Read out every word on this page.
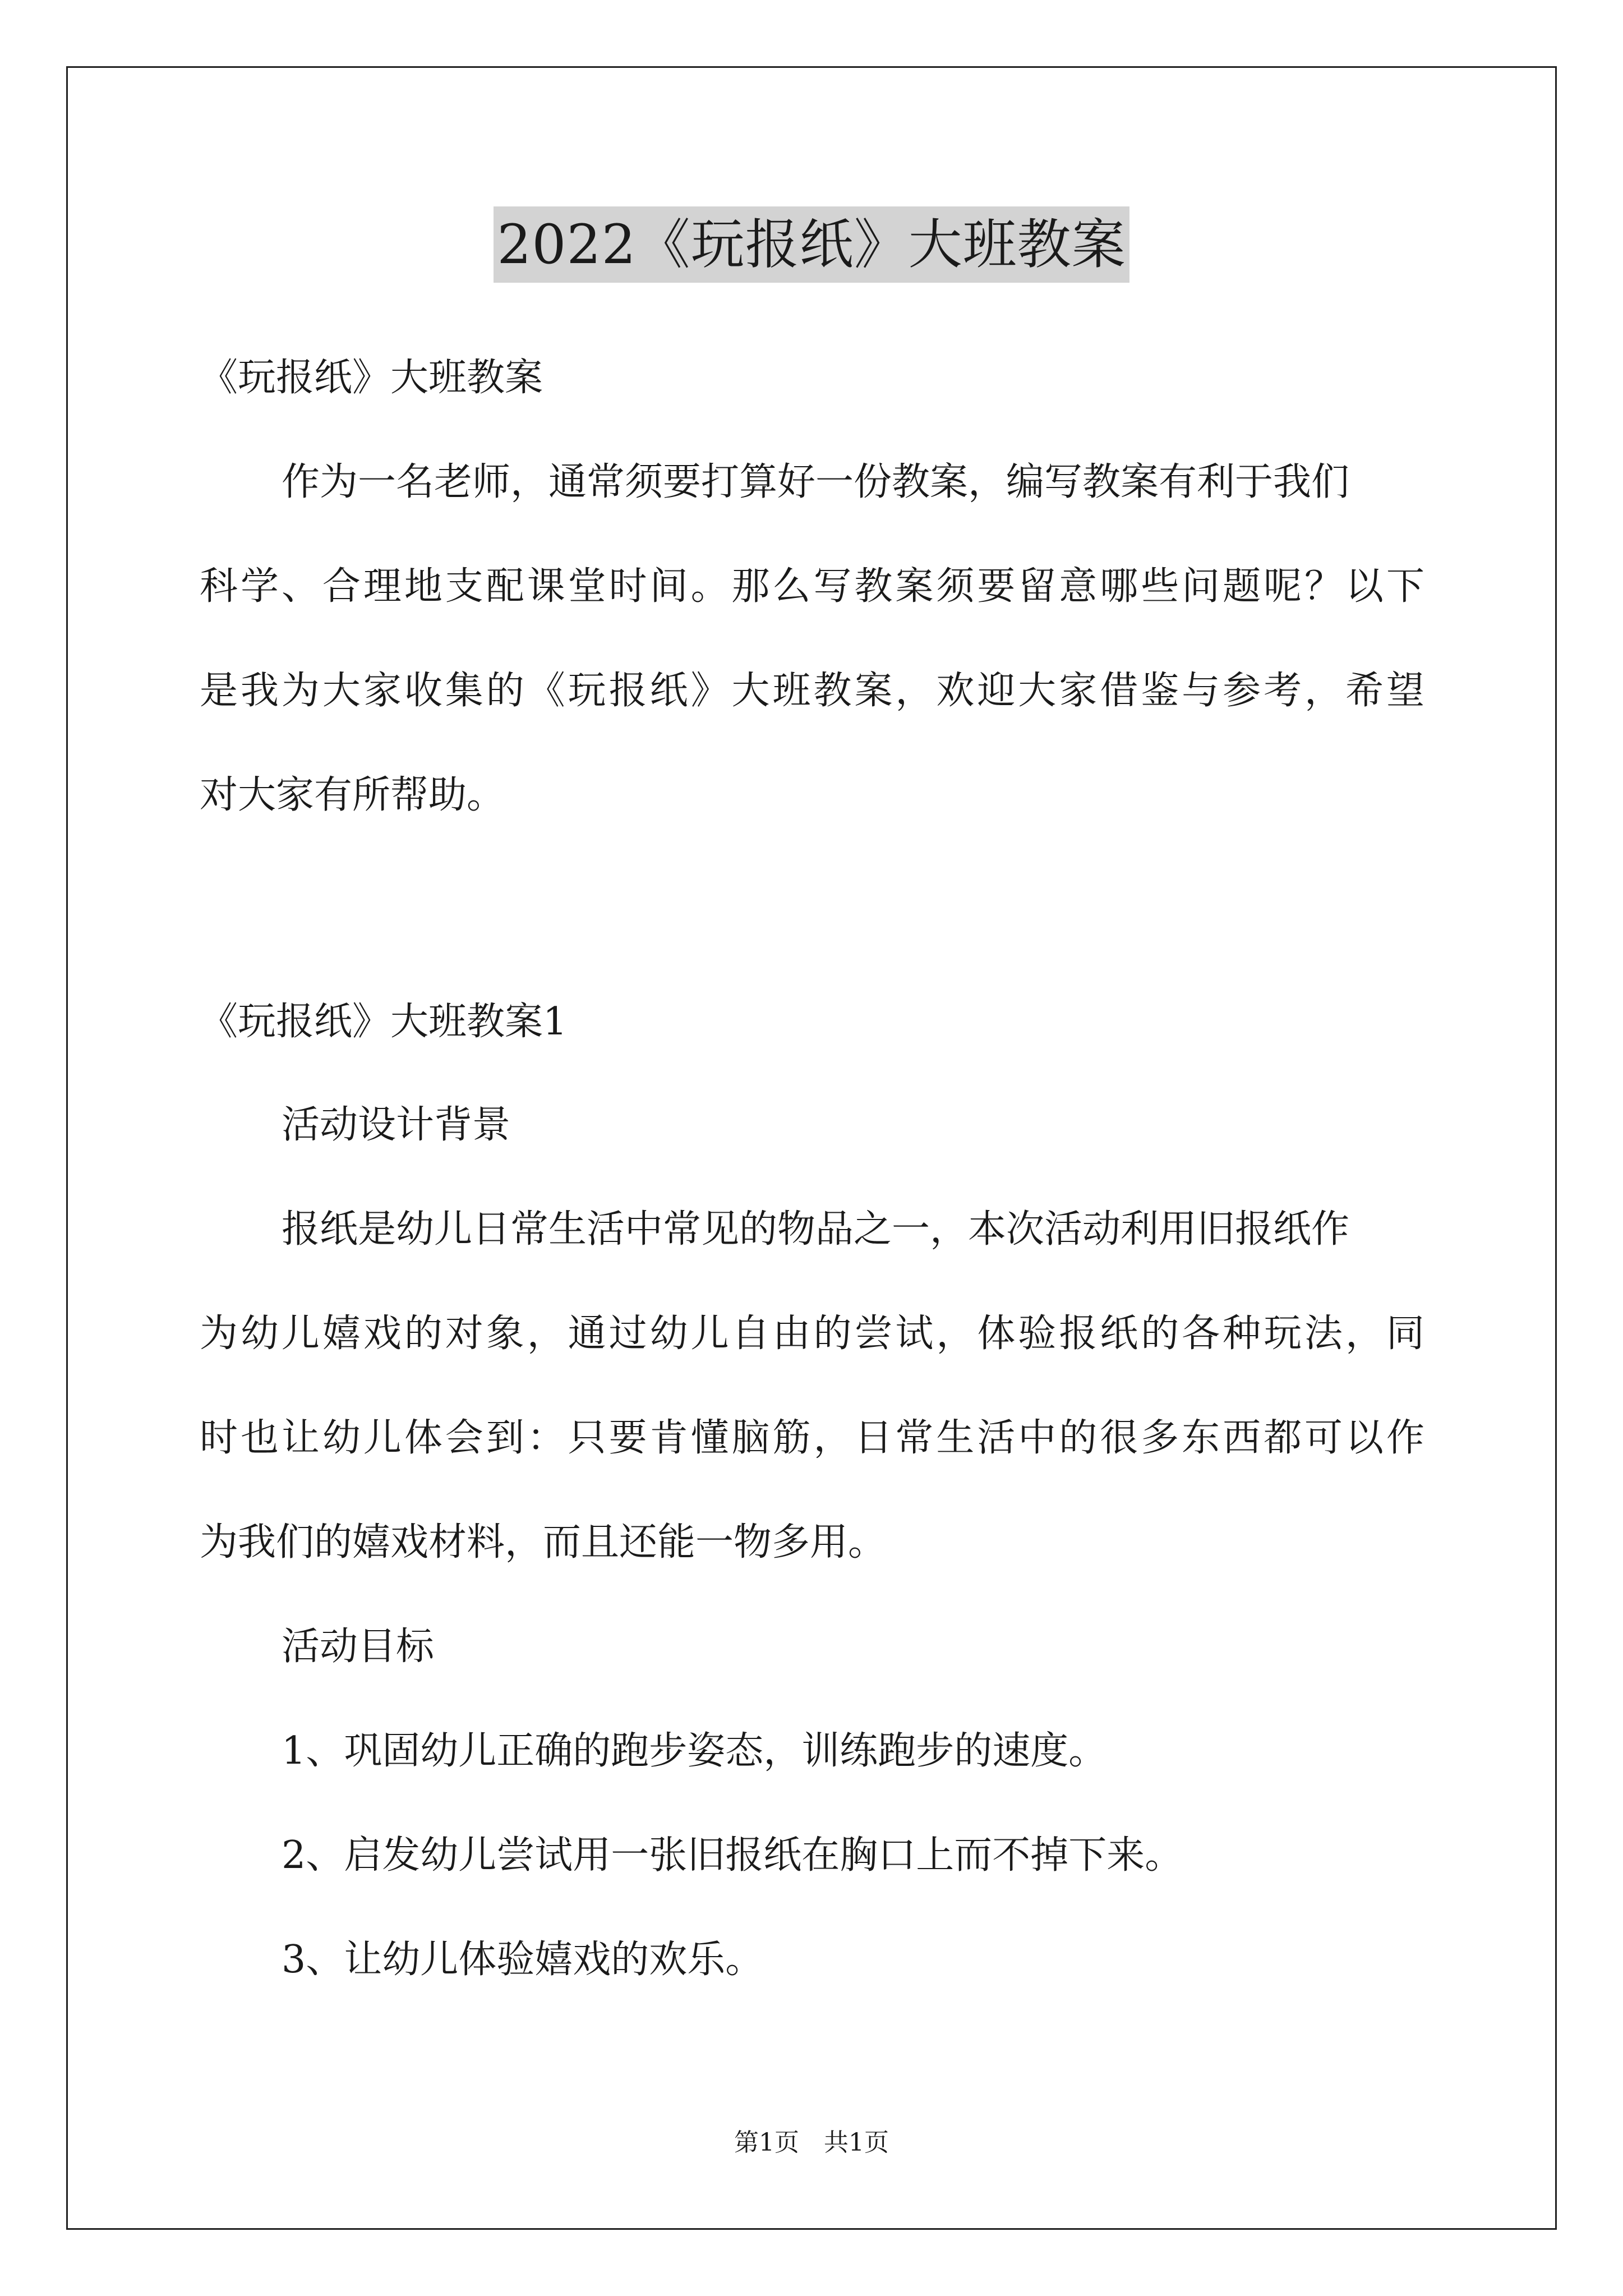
2022《玩报纸》大班教案
《玩报纸》大班教案
作为一名老师，通常须要打算好一份教案，编写教案有利于我们
科学、合理地支配课堂时间。那么写教案须要留意哪些问题呢？以下
是我为大家收集的《玩报纸》大班教案，欢迎大家借鉴与参考，希望
对大家有所帮助。
《玩报纸》大班教案1
活动设计背景
报纸是幼儿日常生活中常见的物品之一，本次活动利用旧报纸作
为幼儿嬉戏的对象，通过幼儿自由的尝试，体验报纸的各种玩法，同
时也让幼儿体会到：只要肯懂脑筋，日常生活中的很多东西都可以作
为我们的嬉戏材料，而且还能一物多用。
活动目标
1、巩固幼儿正确的跑步姿态，训练跑步的速度。
2、启发幼儿尝试用一张旧报纸在胸口上而不掉下来。
3、让幼儿体验嬉戏的欢乐。
第1页　共1页
